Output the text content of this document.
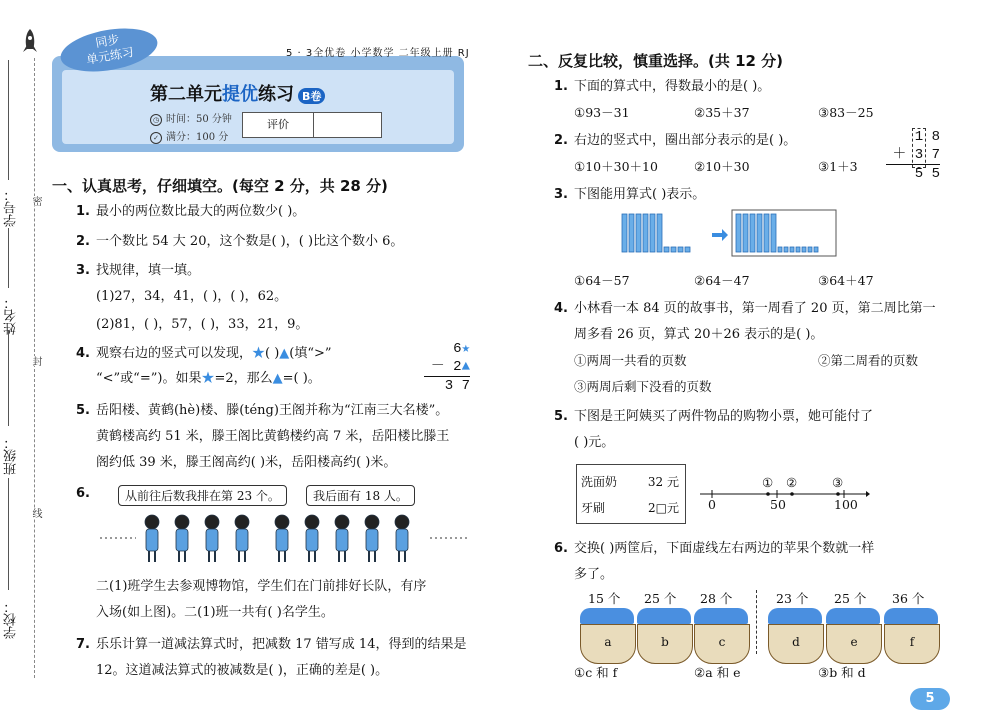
学号：
姓名：
班级：
学校：
密
封
线
同步
单元练习	5 · 3全优卷 小学数学 二年级上册 RJ
第二单元提优练习 B卷
◷ 时间：50 分钟
✓ 满分：100 分
评价
一、认真思考，仔细填空。(每空 2 分，共 28 分)
1. 最小的两位数比最大的两位数少( )。
2. 一个数比 54 大 20，这个数是( )，( )比这个数小 6。
3. 找规律，填一填。
(1)27，34，41，( )，( )，62。
(2)81，( )，57，( )，33，21，9。
4. 观察右边的竖式可以发现，★( )▲(填“>”
“<”或“=”)。如果★=2，那么▲=( )。
6★
－ 2▲
3 7
5. 岳阳楼、黄鹤(hè)楼、滕(téng)王阁并称为“江南三大名楼”。
黄鹤楼高约 51 米，滕王阁比黄鹤楼约高 7 米，岳阳楼比滕王
阁约低 39 米，滕王阁高约( )米，岳阳楼高约( )米。
6.	从前往后数我排在第 23 个。	我后面有 18 人。
二(1)班学生去参观博物馆，学生们在门前排好长队，有序
入场(如上图)。二(1)班一共有( )名学生。
7. 乐乐计算一道减法算式时，把减数 17 错写成 14，得到的结果是
12。这道减法算式的被减数是( )，正确的差是( )。
二、反复比较，慎重选择。(共 12 分)
1. 下面的算式中，得数最小的是( )。
①93－31	②35＋37	③83－25
2. 右边的竖式中，圈出部分表示的是( )。
①10＋30＋10	②10＋30	③1＋3
1 8
＋ 3 7
5 5
3. 下图能用算式( )表示。
①64－57	②64－47	③64＋47
4. 小林看一本 84 页的故事书，第一周看了 20 页，第二周比第一
周多看 26 页，算式 20＋26 表示的是( )。
①两周一共看的页数	②第二周看的页数
③两周后剩下没看的页数
5. 下图是王阿姨买了两件物品的购物小票，她可能付了
( )元。
洗面奶	32 元
牙刷	2□元 0	50	100
① ②	③
6. 交换( )两筐后，下面虚线左右两边的苹果个数就一样
多了。
15 个 25 个 28 个	23 个 25 个 36 个
a	b	c	d	e	f
①c 和 f	②a 和 e	③b 和 d
5
